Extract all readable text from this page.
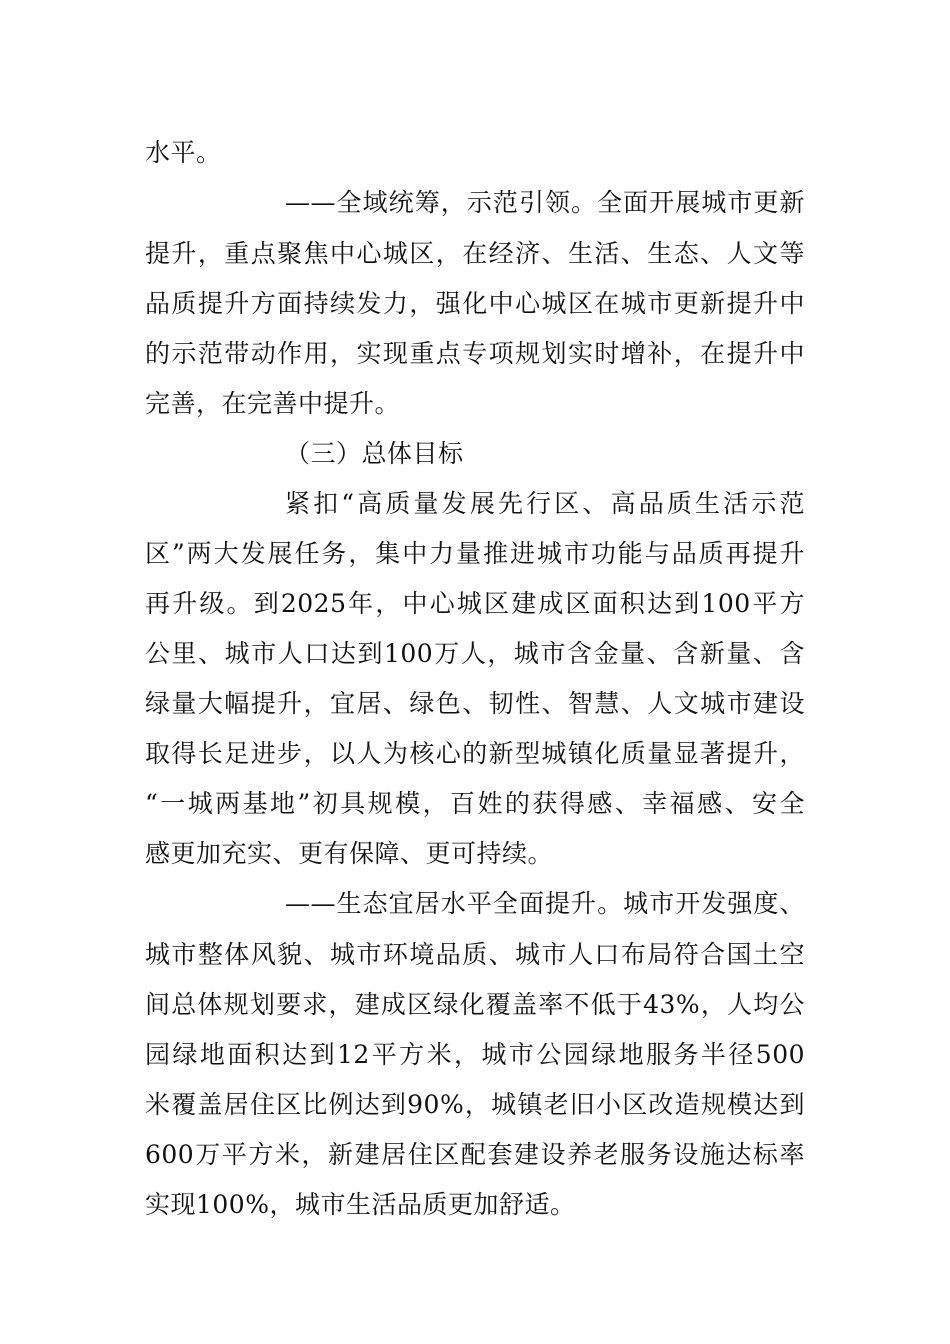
水平。
——全域统筹，示范引领。全面开展城市更新
提升，重点聚焦中心城区，在经济、生活、生态、人文等
品质提升方面持续发力，强化中心城区在城市更新提升中
的示范带动作用，实现重点专项规划实时增补，在提升中
完善，在完善中提升。
（三）总体目标
紧扣“高质量发展先行区、高品质生活示范
区”两大发展任务，集中力量推进城市功能与品质再提升
再升级。到2025年，中心城区建成区面积达到100平方
公里、城市人口达到100万人，城市含金量、含新量、含
绿量大幅提升，宜居、绿色、韧性、智慧、人文城市建设
取得长足进步，以人为核心的新型城镇化质量显著提升，
“一城两基地”初具规模，百姓的获得感、幸福感、安全
感更加充实、更有保障、更可持续。
——生态宜居水平全面提升。城市开发强度、
城市整体风貌、城市环境品质、城市人口布局符合国土空
间总体规划要求，建成区绿化覆盖率不低于43%，人均公
园绿地面积达到12平方米，城市公园绿地服务半径500
米覆盖居住区比例达到90%，城镇老旧小区改造规模达到
600万平方米，新建居住区配套建设养老服务设施达标率
实现100%，城市生活品质更加舒适。
